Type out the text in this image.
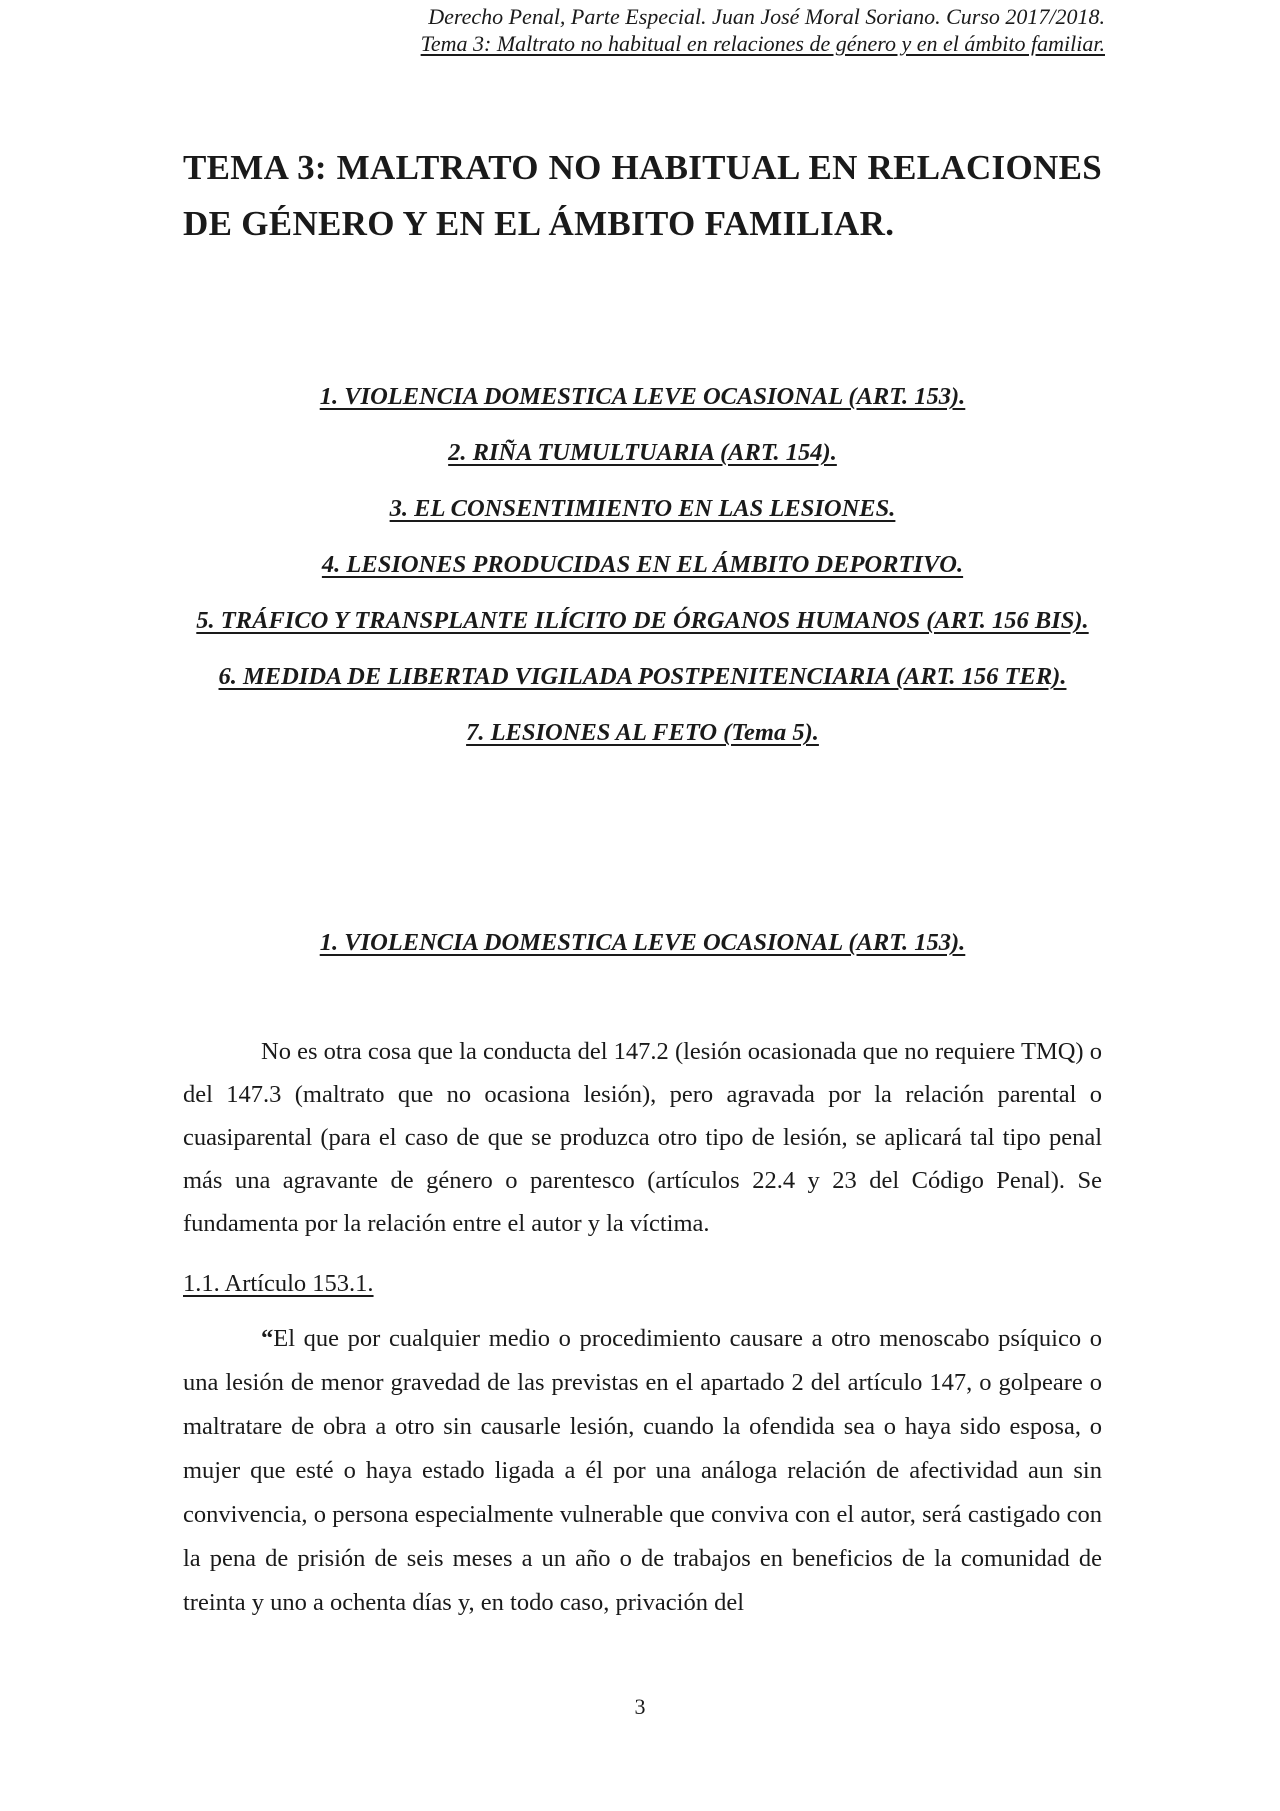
Derecho Penal, Parte Especial. Juan José Moral Soriano. Curso 2017/2018.
Tema 3: Maltrato no habitual en relaciones de género y en el ámbito familiar.
TEMA 3: MALTRATO NO HABITUAL EN RELACIONES DE GÉNERO Y EN EL ÁMBITO FAMILIAR.
1. VIOLENCIA DOMESTICA LEVE OCASIONAL (ART. 153).
2. RIÑA TUMULTUARIA (ART. 154).
3. EL CONSENTIMIENTO EN LAS LESIONES.
4. LESIONES PRODUCIDAS EN EL ÁMBITO DEPORTIVO.
5. TRÁFICO Y TRANSPLANTE ILÍCITO DE ÓRGANOS HUMANOS (ART. 156 BIS).
6. MEDIDA DE LIBERTAD VIGILADA POSTPENITENCIARIA (ART. 156 TER).
7. LESIONES AL FETO (Tema 5).
1. VIOLENCIA DOMESTICA LEVE OCASIONAL (ART. 153).

No es otra cosa que la conducta del 147.2 (lesión ocasionada que no requiere TMQ) o del 147.3 (maltrato que no ocasiona lesión), pero agravada por la relación parental o cuasiparental (para el caso de que se produzca otro tipo de lesión, se aplicará tal tipo penal más una agravante de género o parentesco (artículos 22.4 y 23 del Código Penal). Se fundamenta por la relación entre el autor y la víctima.

1.1. Artículo 153.1.

“El que por cualquier medio o procedimiento causare a otro menoscabo psíquico o una lesión de menor gravedad de las previstas en el apartado 2 del artículo 147, o golpeare o maltratare de obra a otro sin causarle lesión, cuando la ofendida sea o haya sido esposa, o mujer que esté o haya estado ligada a él por una análoga relación de afectividad aun sin convivencia, o persona especialmente vulnerable que conviva con el autor, será castigado con la pena de prisión de seis meses a un año o de trabajos en beneficios de la comunidad de treinta y uno a ochenta días y, en todo caso, privación del

3
